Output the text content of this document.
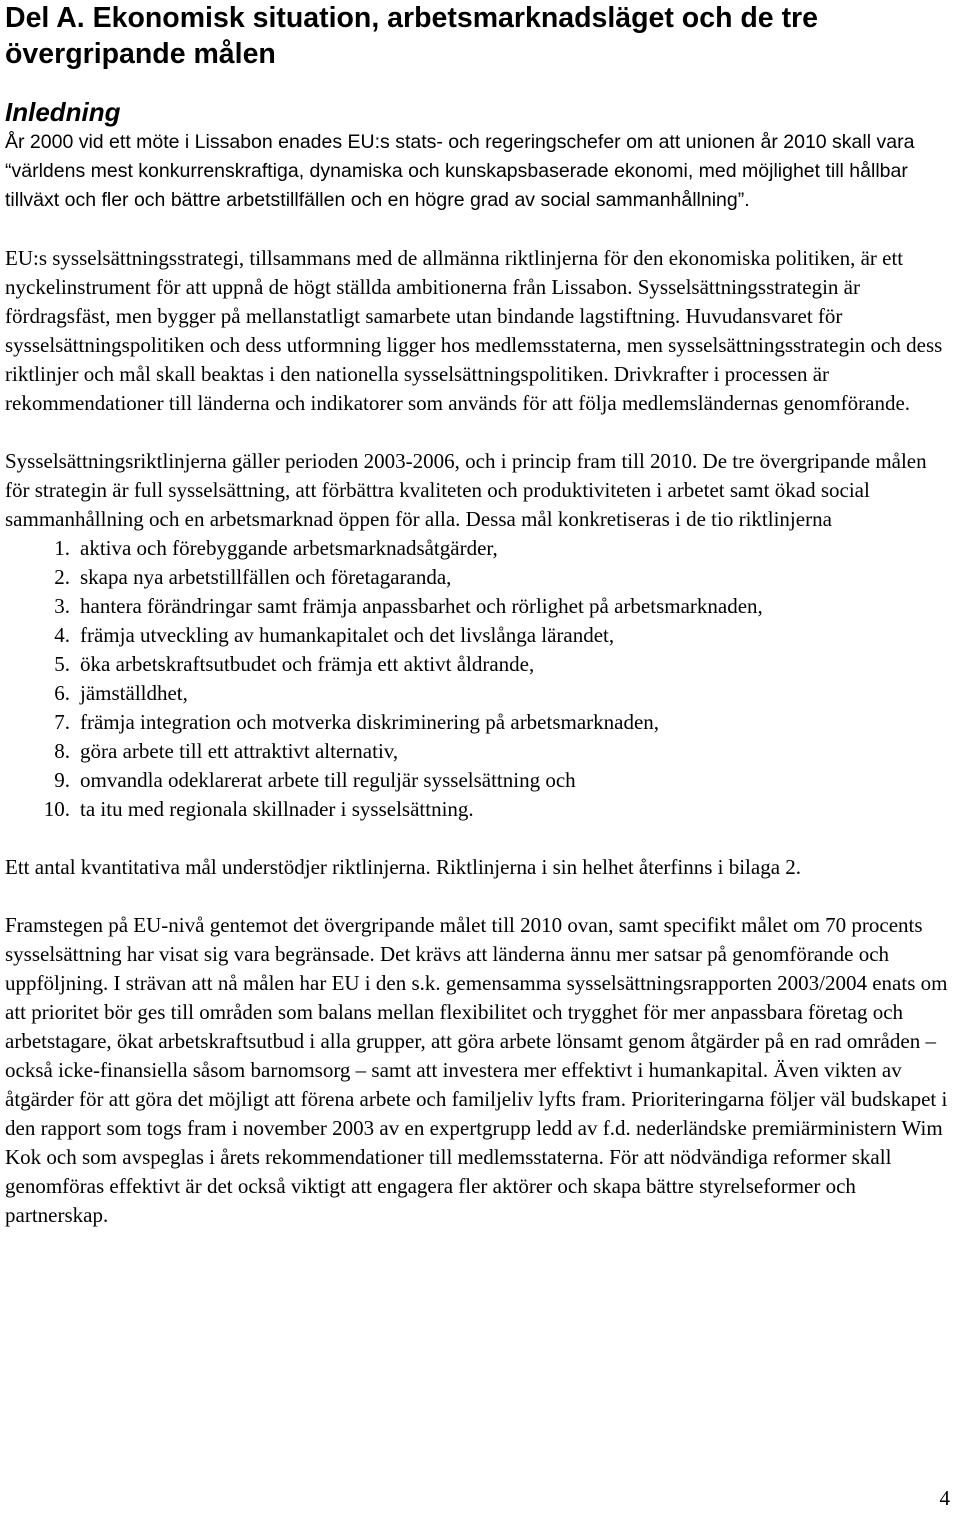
Del A. Ekonomisk situation, arbetsmarknadsläget och de tre övergripande målen
Inledning

År 2000 vid ett möte i Lissabon enades EU:s stats- och regeringschefer om att unionen år 2010 skall vara “världens mest konkurrenskraftiga, dynamiska och kunskapsbaserade ekonomi, med möjlighet till hållbar tillväxt och fler och bättre arbetstillfällen och en högre grad av social sammanhållning”.

EU:s sysselsättningsstrategi, tillsammans med de allmänna riktlinjerna för den ekonomiska politiken, är ett nyckelinstrument för att uppnå de högt ställda ambitionerna från Lissabon. Sysselsättningsstrategin är fördragsfäst, men bygger på mellanstatligt samarbete utan bindande lagstiftning. Huvudansvaret för sysselsättningspolitiken och dess utformning ligger hos medlemsstaterna, men sysselsättningsstrategin och dess riktlinjer och mål skall beaktas i den nationella sysselsättningspolitiken. Drivkrafter i processen är rekommendationer till länderna och indikatorer som används för att följa medlemsländernas genomförande.

Sysselsättningsriktlinjerna gäller perioden 2003-2006, och i princip fram till 2010. De tre övergripande målen för strategin är full sysselsättning, att förbättra kvaliteten och produktiviteten i arbetet samt ökad social sammanhållning och en arbetsmarknad öppen för alla. Dessa mål konkretiseras i de tio riktlinjerna

1. aktiva och förebyggande arbetsmarknadsåtgärder,
2. skapa nya arbetstillfällen och företagaranda,
3. hantera förändringar samt främja anpassbarhet och rörlighet på arbetsmarknaden,
4. främja utveckling av humankapitalet och det livslånga lärandet,
5. öka arbetskraftsutbudet och främja ett aktivt åldrande,
6. jämställdhet,
7. främja integration och motverka diskriminering på arbetsmarknaden,
8. göra arbete till ett attraktivt alternativ,
9. omvandla odeklarerat arbete till reguljär sysselsättning och
10. ta itu med regionala skillnader i sysselsättning.

Ett antal kvantitativa mål understödjer riktlinjerna. Riktlinjerna i sin helhet återfinns i bilaga 2.

Framstegen på EU-nivå gentemot det övergripande målet till 2010 ovan, samt specifikt målet om 70 procents sysselsättning har visat sig vara begränsade. Det krävs att länderna ännu mer satsar på genomförande och uppföljning. I strävan att nå målen har EU i den s.k. gemensamma sysselsättningsrapporten 2003/2004 enats om att prioritet bör ges till områden som balans mellan flexibilitet och trygghet för mer anpassbara företag och arbetstagare, ökat arbetskraftsutbud i alla grupper, att göra arbete lönsamt genom åtgärder på en rad områden – också icke-finansiella såsom barnomsorg – samt att investera mer effektivt i humankapital. Även vikten av åtgärder för att göra det möjligt att förena arbete och familjeliv lyfts fram. Prioriteringarna följer väl budskapet i den rapport som togs fram i november 2003 av en expertgrupp ledd av f.d. nederländske premiärministern Wim Kok och som avspeglas i årets rekommendationer till medlemsstaterna. För att nödvändiga reformer skall genomföras effektivt är det också viktigt att engagera fler aktörer och skapa bättre styrelseformer och partnerskap.

4
